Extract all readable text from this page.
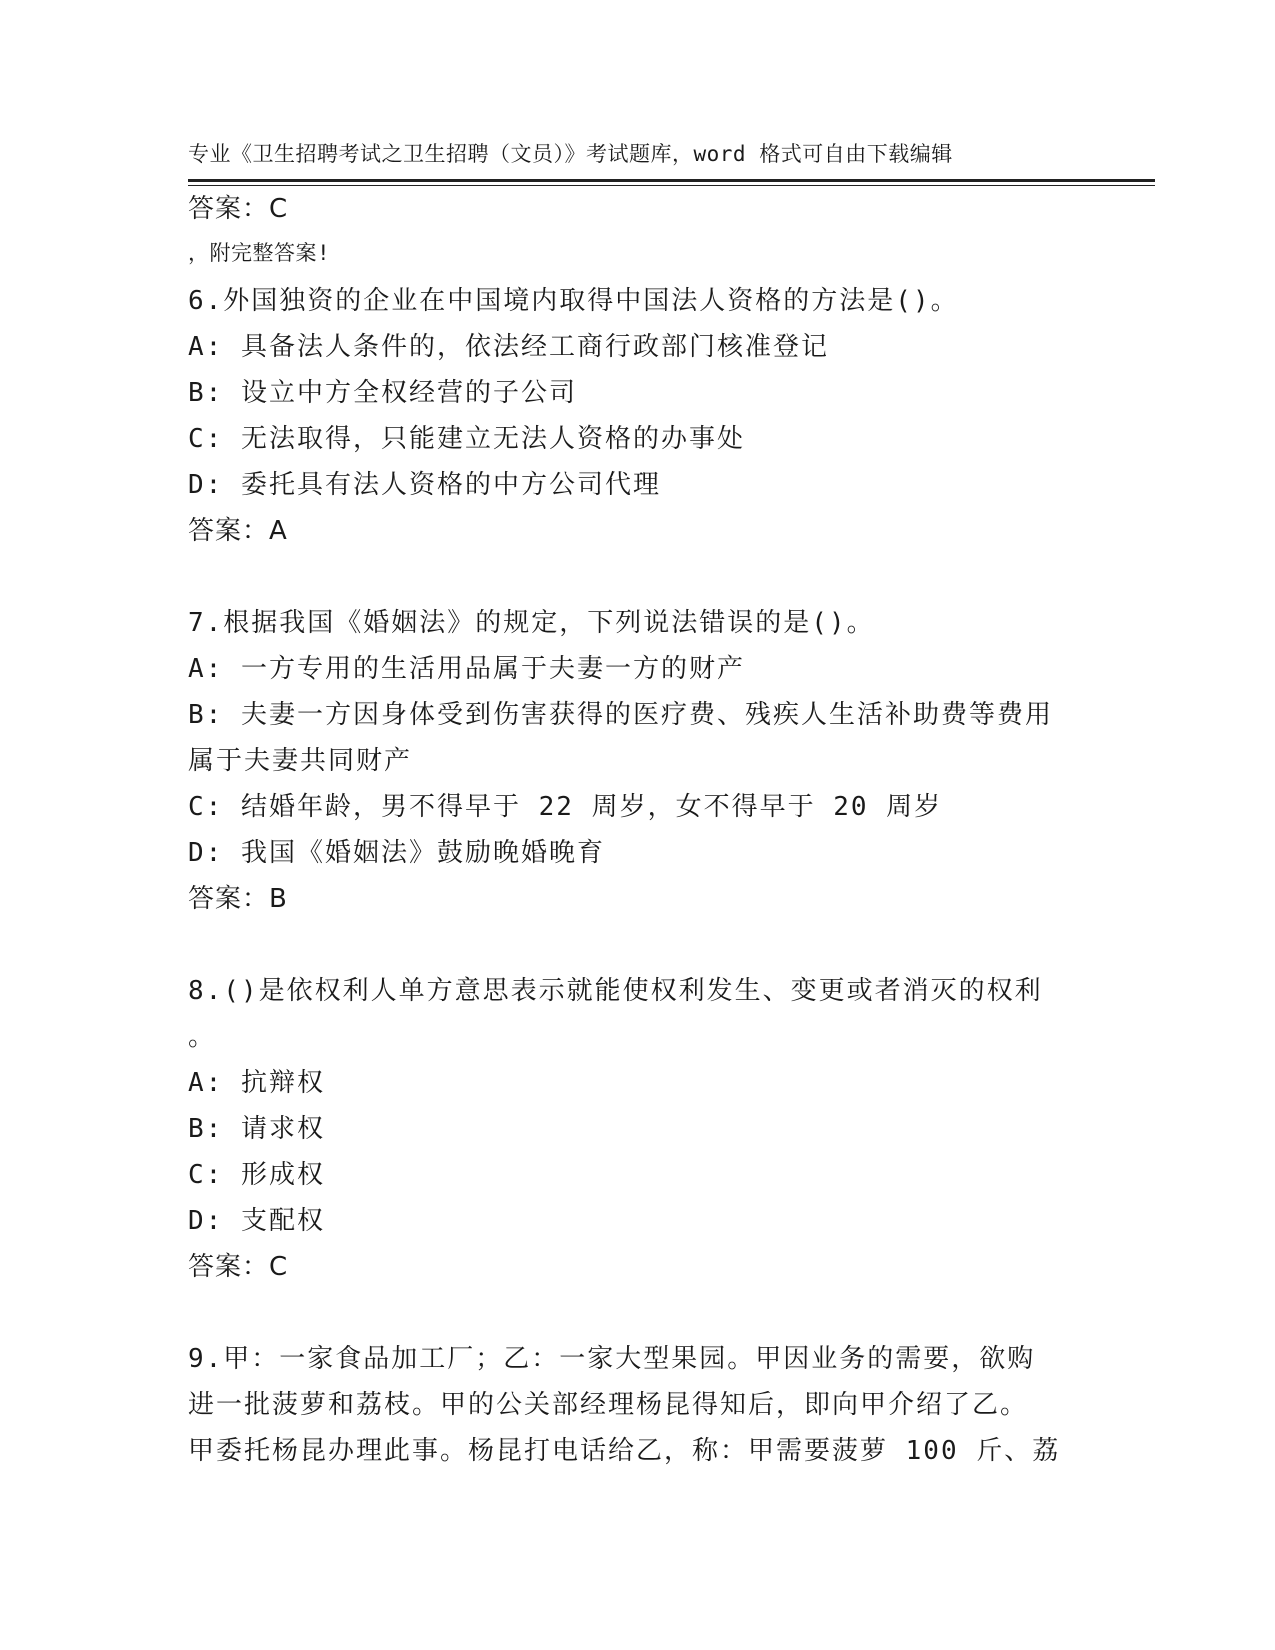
专业《卫生招聘考试之卫生招聘（文员）》考试题库，word 格式可自由下载编辑

，附完整答案!

答案：C
6.外国独资的企业在中国境内取得中国法人资格的方法是()。
A: 具备法人条件的，依法经工商行政部门核准登记
B: 设立中方全权经营的子公司
C: 无法取得，只能建立无法人资格的办事处
D: 委托具有法人资格的中方公司代理
答案：A
7.根据我国《婚姻法》的规定，下列说法错误的是()。
A: 一方专用的生活用品属于夫妻一方的财产
B: 夫妻一方因身体受到伤害获得的医疗费、残疾人生活补助费等费用
属于夫妻共同财产
C: 结婚年龄，男不得早于 22 周岁，女不得早于 20 周岁
D: 我国《婚姻法》鼓励晚婚晚育
答案：B
8.()是依权利人单方意思表示就能使权利发生、变更或者消灭的权利
。
A: 抗辩权
B: 请求权
C: 形成权
D: 支配权
答案：C
9.甲：一家食品加工厂；乙：一家大型果园。甲因业务的需要，欲购
进一批菠萝和荔枝。甲的公关部经理杨昆得知后，即向甲介绍了乙。
甲委托杨昆办理此事。杨昆打电话给乙，称：甲需要菠萝 100 斤、荔
